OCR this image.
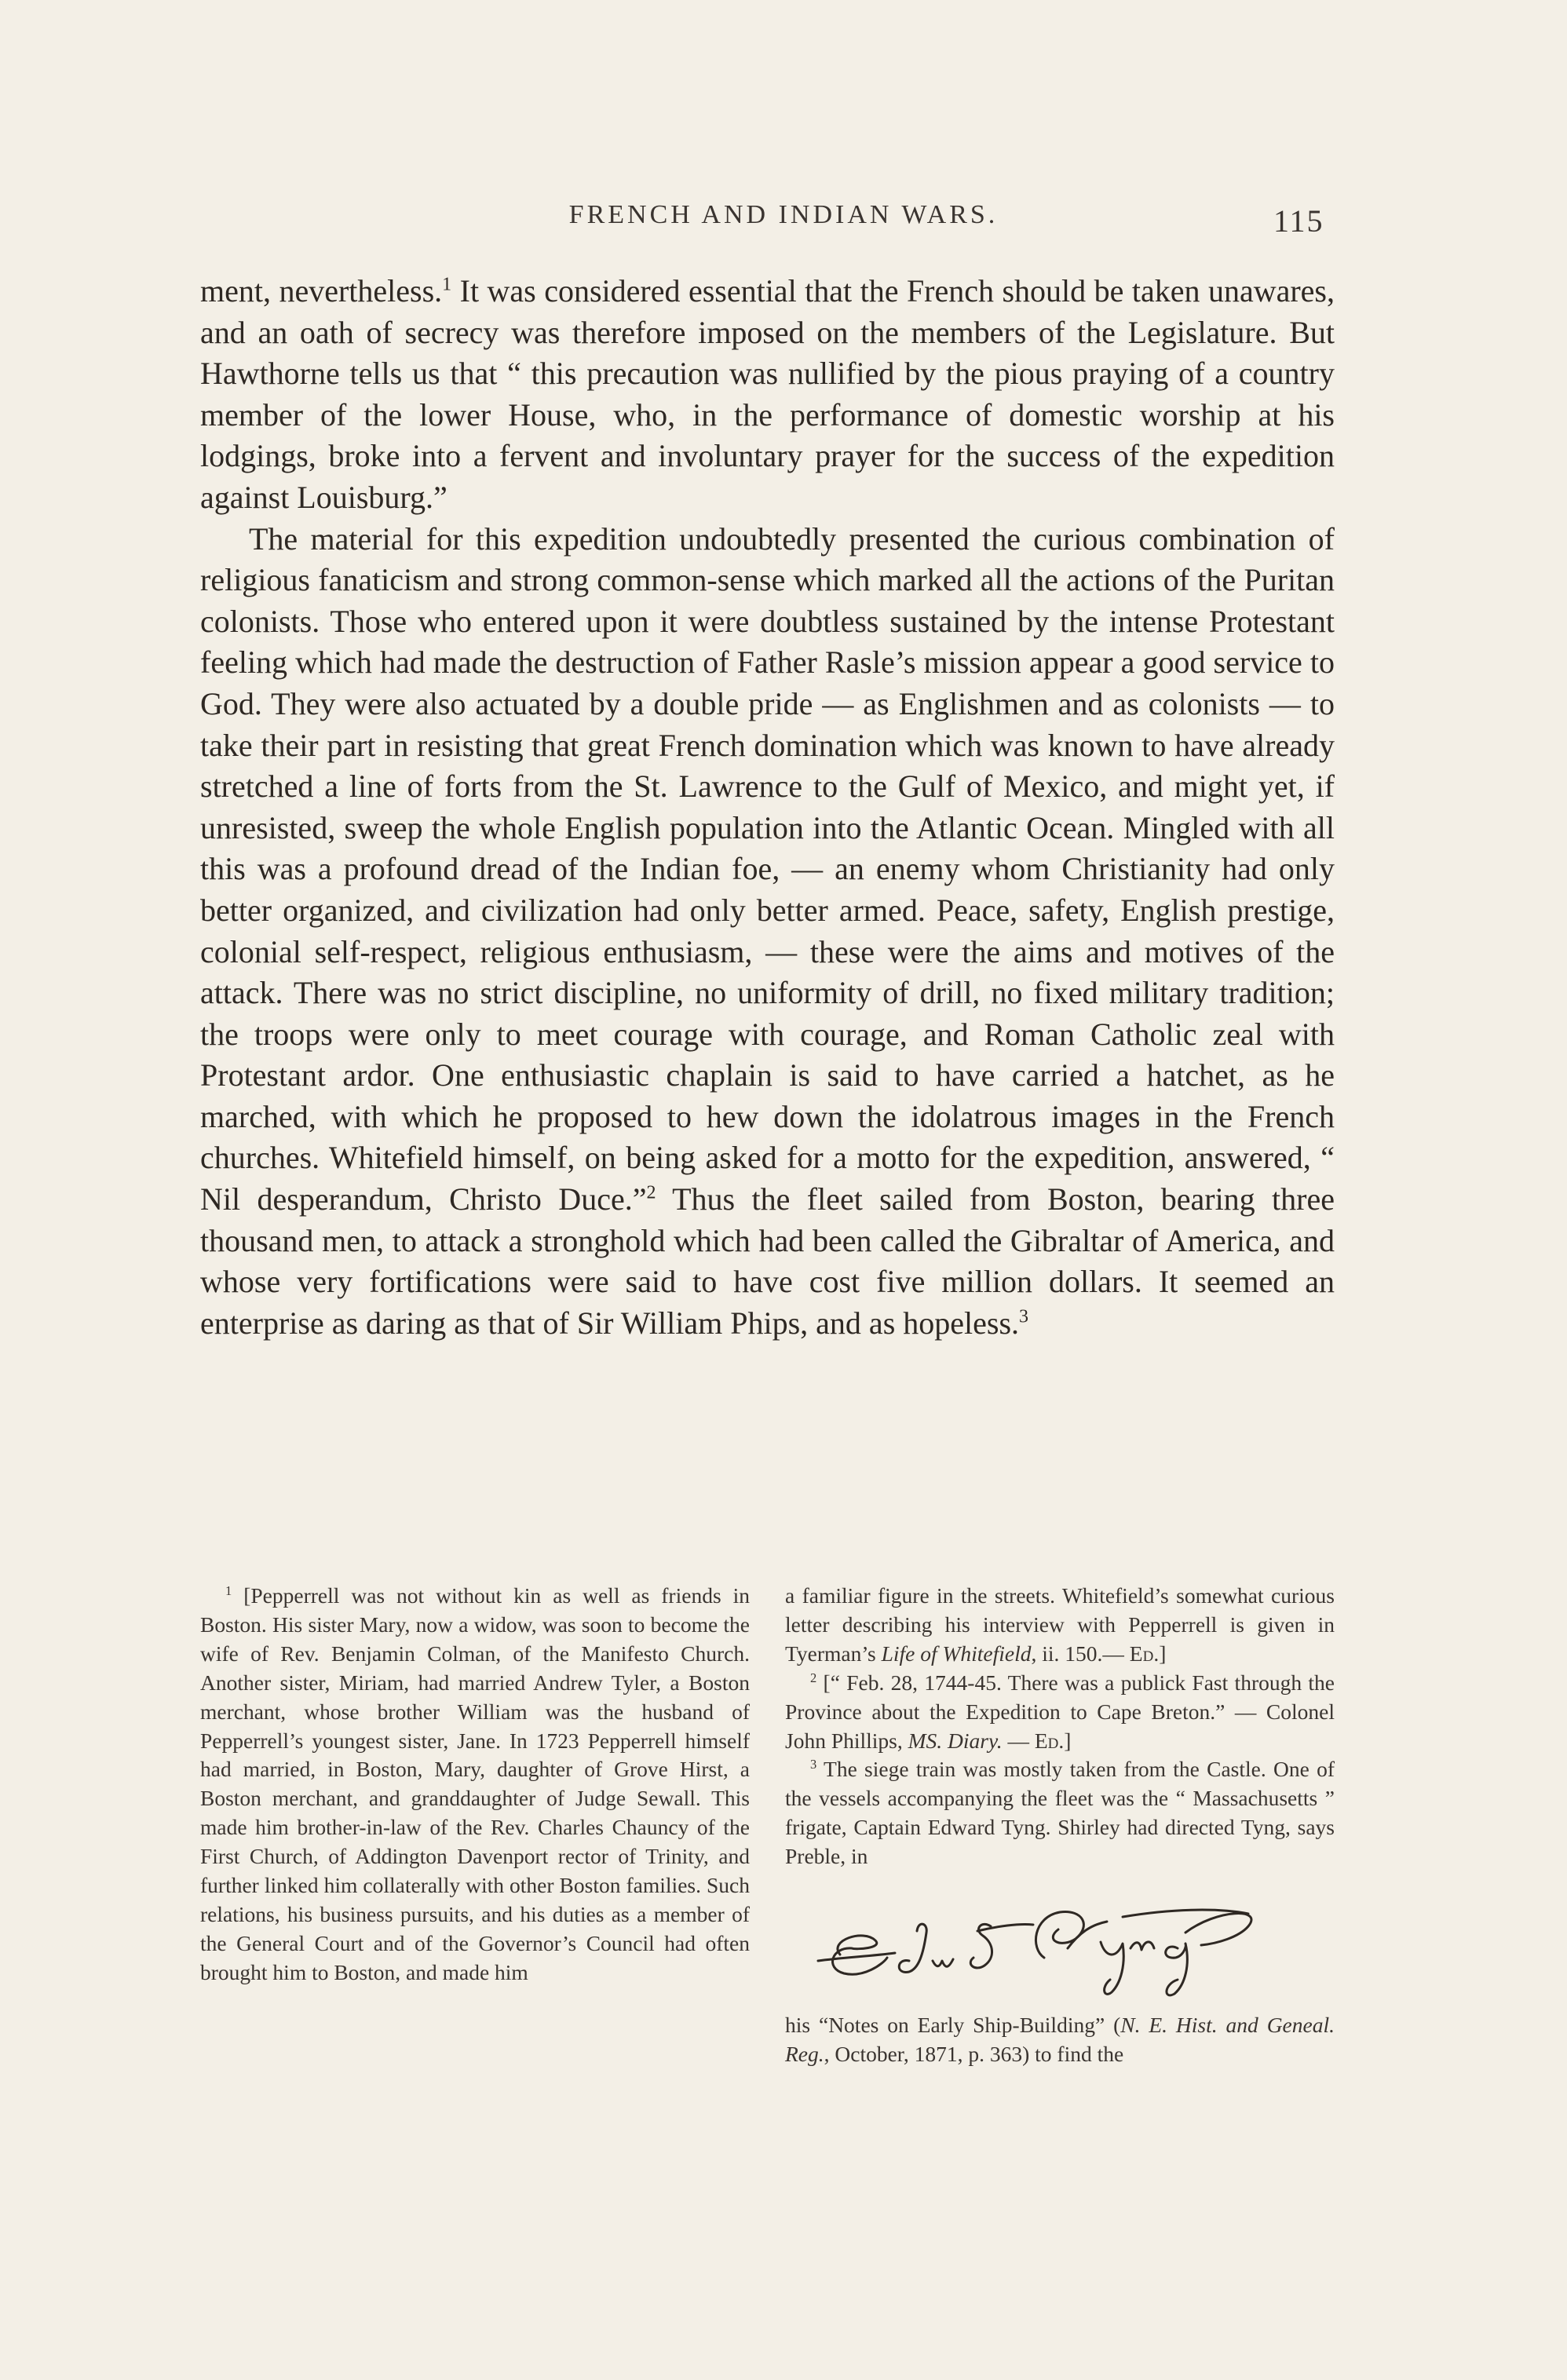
FRENCH AND INDIAN WARS.	115

ment, nevertheless.$^1$ It was considered essential that the French should be taken unawares, and an oath of secrecy was therefore imposed on the members of the Legislature. But Hawthorne tells us that “ this precaution was nullified by the pious praying of a country member of the lower House, who, in the performance of domestic worship at his lodgings, broke into a fervent and involuntary prayer for the success of the expedition against Louisburg.”

The material for this expedition undoubtedly presented the curious combination of religious fanaticism and strong common-sense which marked all the actions of the Puritan colonists. Those who entered upon it were doubtless sustained by the intense Protestant feeling which had made the destruction of Father Rasle’s mission appear a good service to God. They were also actuated by a double pride — as Englishmen and as colonists — to take their part in resisting that great French domination which was known to have already stretched a line of forts from the St. Lawrence to the Gulf of Mexico, and might yet, if unresisted, sweep the whole English population into the Atlantic Ocean. Mingled with all this was a profound dread of the Indian foe, — an enemy whom Christianity had only better organized, and civilization had only better armed. Peace, safety, English prestige, colonial self-respect, religious enthusiasm, — these were the aims and motives of the attack. There was no strict discipline, no uniformity of drill, no fixed military tradition; the troops were only to meet courage with courage, and Roman Catholic zeal with Protestant ardor. One enthusiastic chaplain is said to have carried a hatchet, as he marched, with which he proposed to hew down the idolatrous images in the French churches. Whitefield himself, on being asked for a motto for the expedition, answered, “ Nil desperandum, Christo Duce.”$^2$ Thus the fleet sailed from Boston, bearing three thousand men, to attack a stronghold which had been called the Gibraltar of America, and whose very fortifications were said to have cost five million dollars. It seemed an enterprise as daring as that of Sir William Phips, and as hopeless.$^3$

$^1$ [Pepperrell was not without kin as well as friends in Boston. His sister Mary, now a widow, was soon to become the wife of Rev. Benjamin Colman, of the Manifesto Church. Another sister, Miriam, had married Andrew Tyler, a Boston merchant, whose brother William was the husband of Pepperrell’s youngest sister, Jane. In 1723 Pepperrell himself had married, in Boston, Mary, daughter of Grove Hirst, a Boston merchant, and granddaughter of Judge Sewall. This made him brother-in-law of the Rev. Charles Chauncy of the First Church, of Addington Davenport rector of Trinity, and further linked him collaterally with other Boston families. Such relations, his business pursuits, and his duties as a member of the General Court and of the Governor’s Council had often brought him to Boston, and made him

a familiar figure in the streets. Whitefield’s somewhat curious letter describing his interview with Pepperrell is given in Tyerman’s Life of Whitefield, ii. 150.— Ed.]

$^2$ [“ Feb. 28, 1744-45. There was a publick Fast through the Province about the Expedition to Cape Breton.” — Colonel John Phillips, MS. Diary. — Ed.]

$^3$ The siege train was mostly taken from the Castle. One of the vessels accompanying the fleet was the “ Massachusetts ” frigate, Captain Edward Tyng. Shirley had directed Tyng, says Preble, in

Edw Tyng

his “Notes on Early Ship-Building” (N. E. Hist. and Geneal. Reg., October, 1871, p. 363) to find the
